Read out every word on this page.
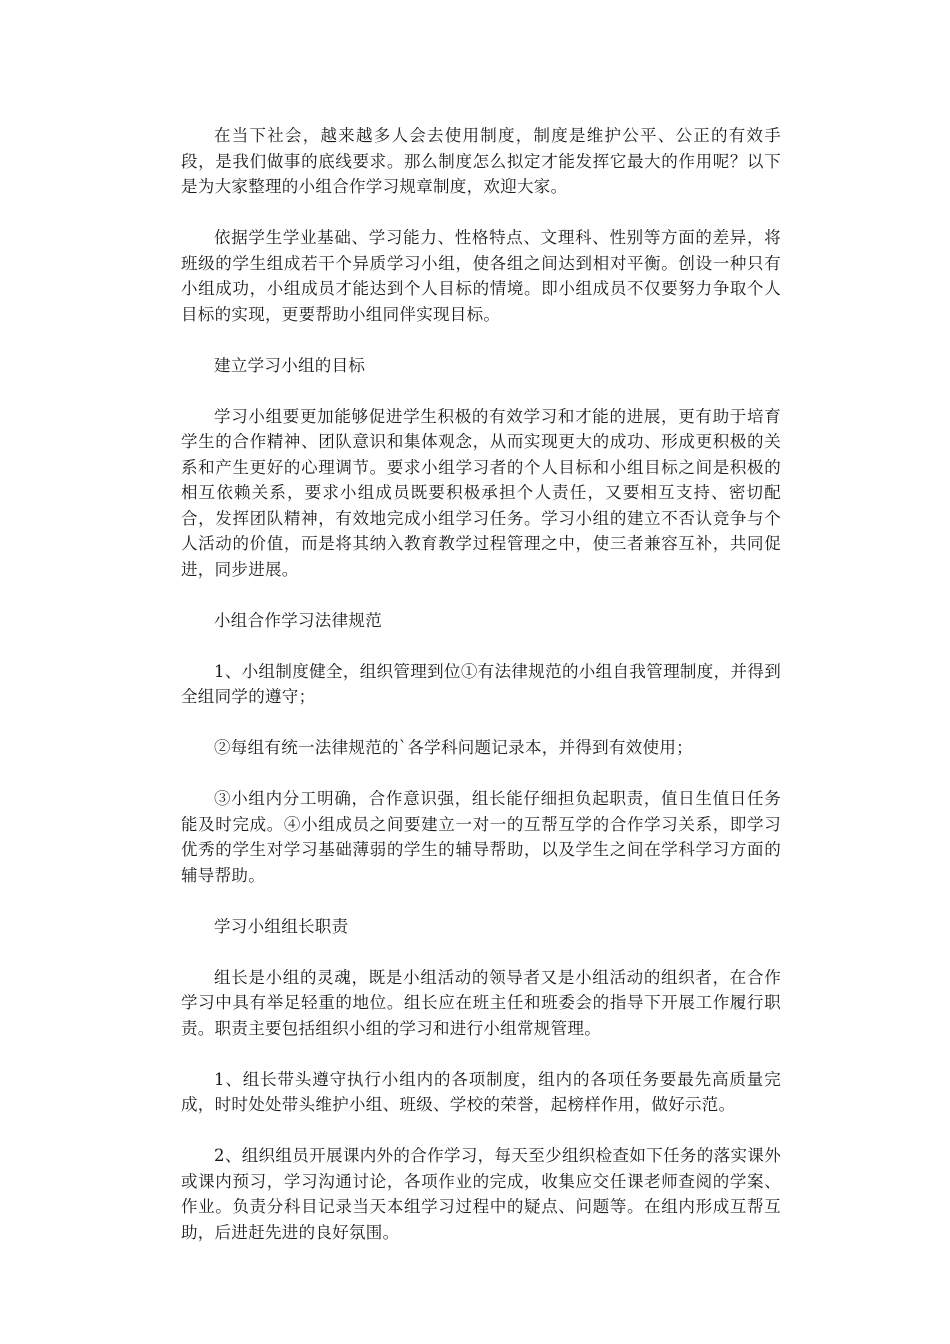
在当下社会，越来越多人会去使用制度，制度是维护公平、公正的有效手段，是我们做事的底线要求。那么制度怎么拟定才能发挥它最大的作用呢？以下是为大家整理的小组合作学习规章制度，欢迎大家。

依据学生学业基础、学习能力、性格特点、文理科、性别等方面的差异，将班级的学生组成若干个异质学习小组，使各组之间达到相对平衡。创设一种只有小组成功，小组成员才能达到个人目标的情境。即小组成员不仅要努力争取个人目标的实现，更要帮助小组同伴实现目标。

建立学习小组的目标

学习小组要更加能够促进学生积极的有效学习和才能的进展，更有助于培育学生的合作精神、团队意识和集体观念，从而实现更大的成功、形成更积极的关系和产生更好的心理调节。要求小组学习者的个人目标和小组目标之间是积极的相互依赖关系，要求小组成员既要积极承担个人责任，又要相互支持、密切配合，发挥团队精神，有效地完成小组学习任务。学习小组的建立不否认竞争与个人活动的价值，而是将其纳入教育教学过程管理之中，使三者兼容互补，共同促进，同步进展。

小组合作学习法律规范

1、小组制度健全，组织管理到位①有法律规范的小组自我管理制度，并得到全组同学的遵守；

②每组有统一法律规范的`各学科问题记录本，并得到有效使用；

③小组内分工明确，合作意识强，组长能仔细担负起职责，值日生值日任务能及时完成。④小组成员之间要建立一对一的互帮互学的合作学习关系，即学习优秀的学生对学习基础薄弱的学生的辅导帮助，以及学生之间在学科学习方面的辅导帮助。

学习小组组长职责

组长是小组的灵魂，既是小组活动的领导者又是小组活动的组织者，在合作学习中具有举足轻重的地位。组长应在班主任和班委会的指导下开展工作履行职责。职责主要包括组织小组的学习和进行小组常规管理。

1、组长带头遵守执行小组内的各项制度，组内的各项任务要最先高质量完成，时时处处带头维护小组、班级、学校的荣誉，起榜样作用，做好示范。

2、组织组员开展课内外的合作学习，每天至少组织检查如下任务的落实课外或课内预习，学习沟通讨论，各项作业的完成，收集应交任课老师查阅的学案、作业。负责分科目记录当天本组学习过程中的疑点、问题等。在组内形成互帮互助，后进赶先进的良好氛围。
